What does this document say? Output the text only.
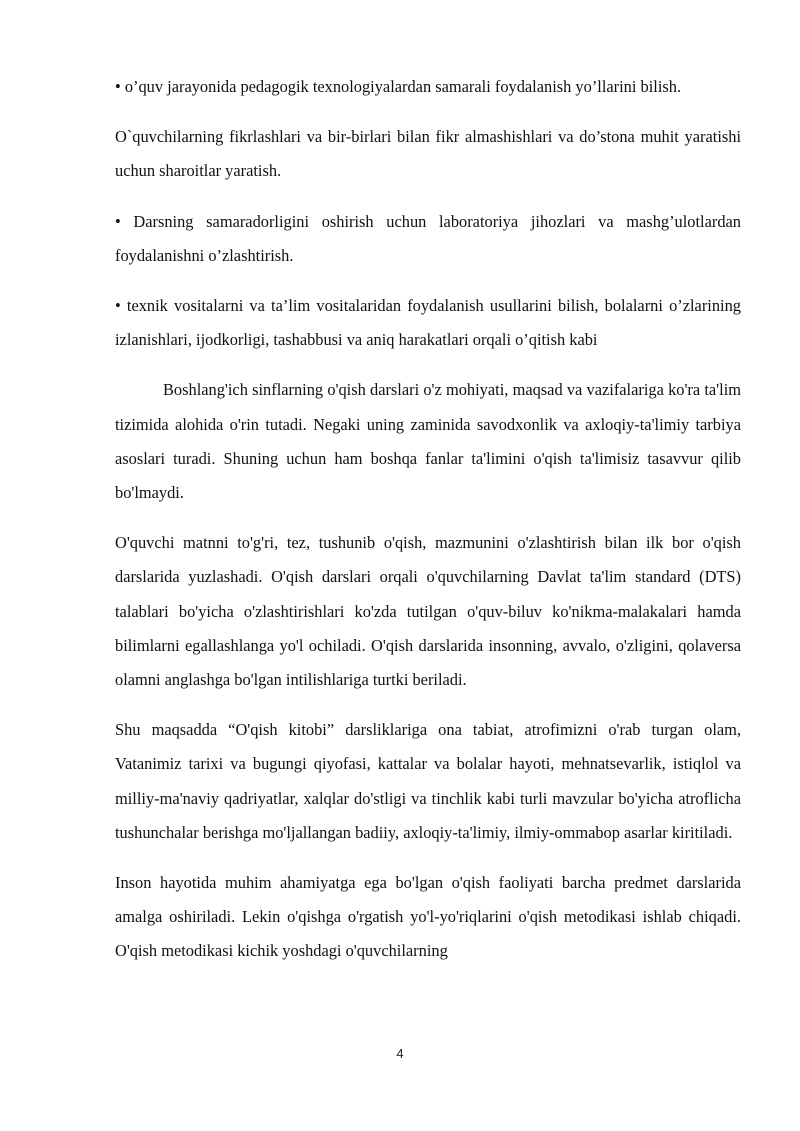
• o’quv jarayonida pedagogik texnologiyalardan samarali foydalanish yo’llarini bilish.

O`quvchilarning fikrlashlari va bir-birlari bilan fikr almashishlari va do’stona muhit yaratishi uchun sharoitlar yaratish.

• Darsning samaradorligini oshirish uchun laboratoriya jihozlari va mashg’ulotlardan foydalanishni o’zlashtirish.

• texnik vositalarni va ta’lim vositalaridan foydalanish usullarini bilish, bolalarni o’zlarining izlanishlari, ijodkorligi, tashabbusi va aniq harakatlari orqali o’qitish kabi

Boshlang'ich sinflarning o'qish darslari o'z mohiyati, maqsad va vazifalariga ko'ra ta'lim tizimida alohida o'rin tutadi. Negaki uning zaminida savodxonlik va axloqiy-ta'limiy tarbiya asoslari turadi. Shuning uchun ham boshqa fanlar ta'limini o'qish ta'limisiz tasavvur qilib bo'lmaydi.

O'quvchi matnni to'g'ri, tez, tushunib o'qish, mazmunini o'zlashtirish bilan ilk bor o'qish darslarida yuzlashadi. O'qish darslari orqali o'quvchilarning Davlat ta'lim standard (DTS) talablari bo'yicha o'zlashtirishlari ko'zda tutilgan o'quv-biluv ko'nikma-malakalari hamda bilimlarni egallashlanga yo'l ochiladi. O'qish darslarida insonning, avvalo, o'zligini, qolaversa olamni anglashga bo'lgan intilishlariga turtki beriladi.

Shu maqsadda “O'qish kitobi” darsliklariga ona tabiat, atrofimizni o'rab turgan olam, Vatanimiz tarixi va bugungi qiyofasi, kattalar va bolalar hayoti, mehnatsevarlik, istiqlol va milliy-ma'naviy qadriyatlar, xalqlar do'stligi va tinchlik kabi turli mavzular bo'yicha atroflicha tushunchalar berishga mo'ljallangan badiiy, axloqiy-ta'limiy, ilmiy-ommabop asarlar kiritiladi.

Inson hayotida muhim ahamiyatga ega bo'lgan o'qish faoliyati barcha predmet darslarida amalga oshiriladi. Lekin o'qishga o'rgatish yo'l-yo'riqlarini o'qish metodikasi ishlab chiqadi. O'qish metodikasi kichik yoshdagi o'quvchilarning

4
